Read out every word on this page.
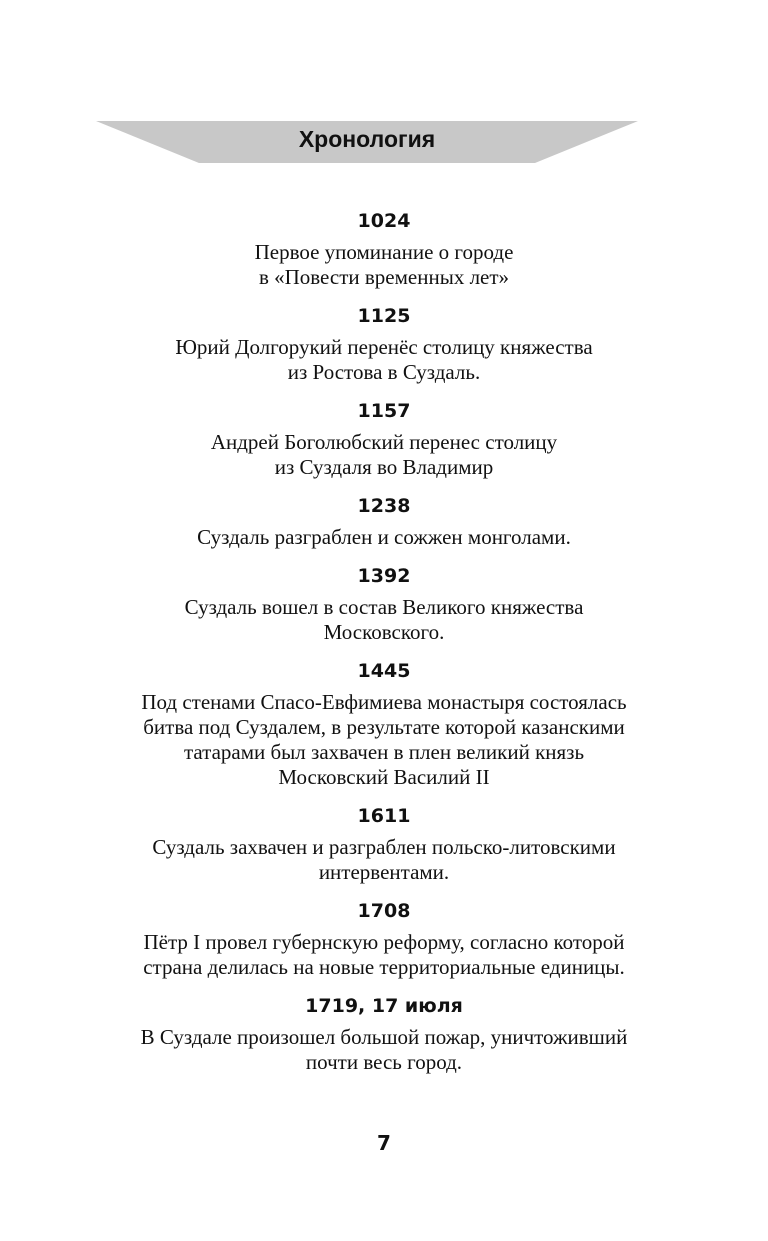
Хронология

1024

Первое упоминание о городе
в «Повести временных лет»

1125

Юрий Долгорукий перенёс столицу княжества
из Ростова в Суздаль.

1157

Андрей Боголюбский перенес столицу
из Суздаля во Владимир

1238

Суздаль разграблен и сожжен монголами.

1392

Суздаль вошел в состав Великого княжества
Московского.

1445

Под стенами Спасо-Евфимиева монастыря состоялась
битва под Суздалем, в результате которой казанскими
татарами был захвачен в плен великий князь
Московский Василий II

1611

Суздаль захвачен и разграблен польско-литовскими
интервентами.

1708

Пётр I провел губернскую реформу, согласно которой
страна делилась на новые территориальные единицы.

1719, 17 июля

В Суздале произошел большой пожар, уничтоживший
почти весь город.

7
